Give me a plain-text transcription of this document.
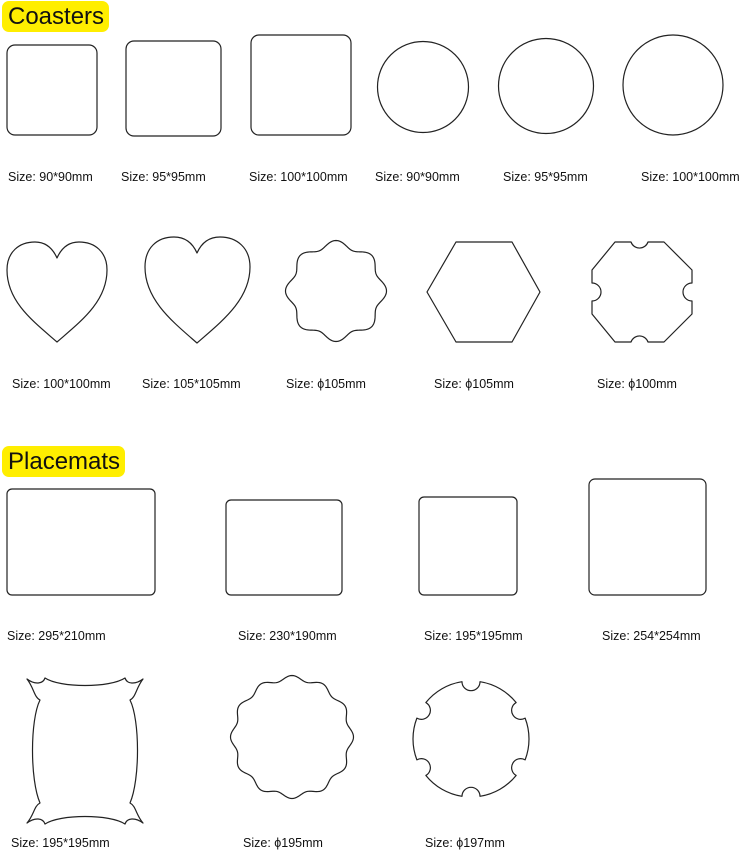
Coasters
Placemats
Size: 90*90mm Size: 95*95mm	Size: 100*100mm Size: 90*90mm	Size: 95*95mm	Size: 100*100mm
Size: 100*100mm	Size: 105*105mm	Size: ϕ105mm	Size: ϕ105mm	Size: ϕ100mm
Size: 295*210mm	Size: 230*190mm	Size: 195*195mm	Size: 254*254mm
Size: 195*195mm	Size: ϕ195mm	Size: ϕ197mm
